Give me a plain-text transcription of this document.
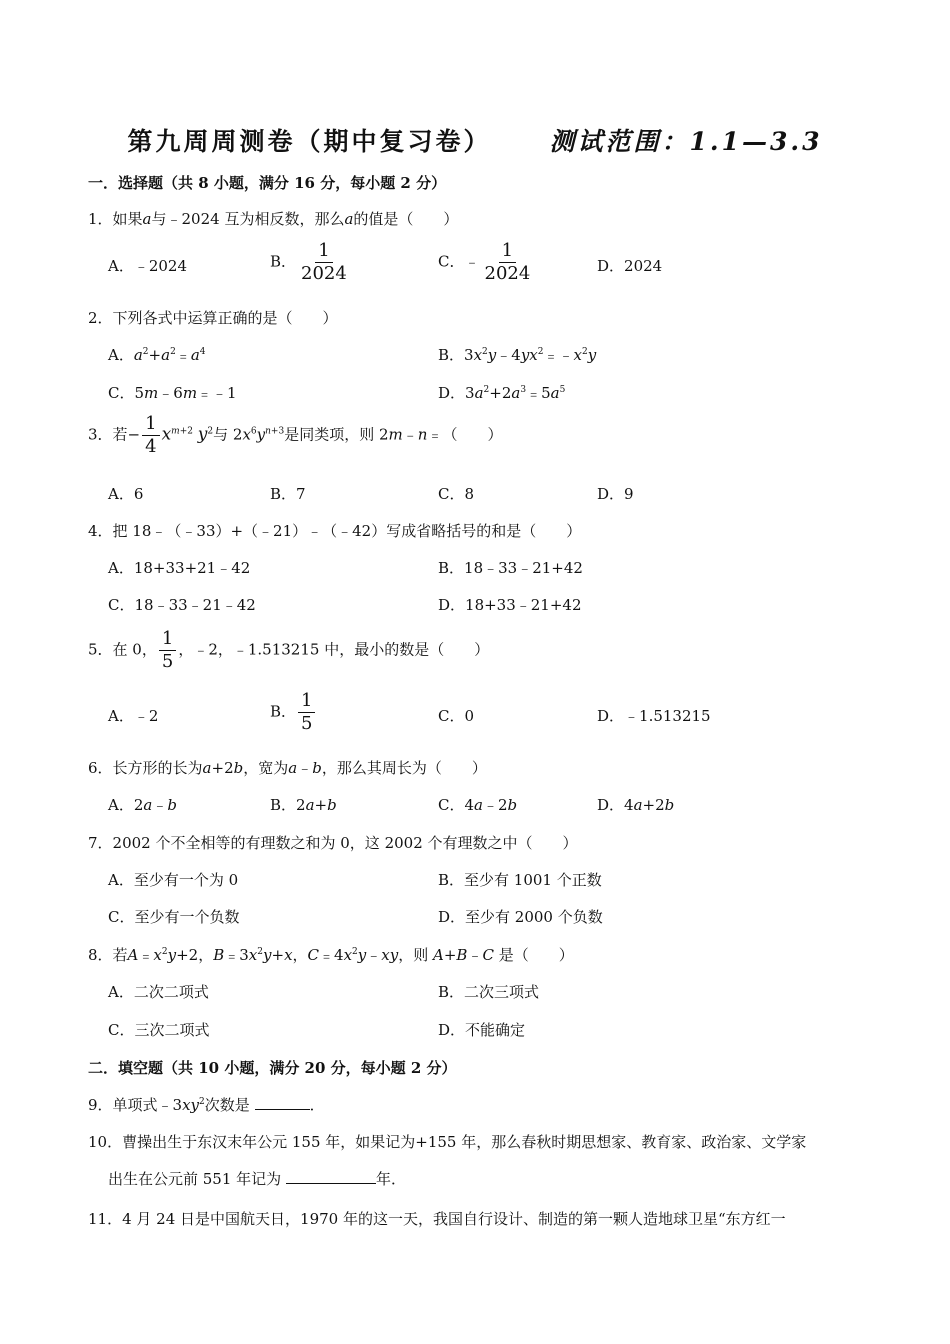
第九周周测卷（期中复习卷） 测试范围：1.1—3.3
一．选择题（共 8 小题，满分 16 分，每小题 2 分）
1．如果a与﹣2024 互为相反数，那么a的值是（　　）
A．﹣2024	B． $\frac{1}{2024}$	C．﹣ $\frac{1}{2024}$	D．2024
2．下列各式中运算正确的是（　　）
A．$a^2+a^2﹦a^4$	B．$3x^2y﹣4yx^2﹦﹣x^2y$
C．5m﹣6m﹦﹣1	D．$3a^2+2a^3﹦5a^5$
3．若− $\frac{1}{4} x^{m+2}$ $y^2$与 $2x^6y^{n+3}$是同类项，则 2m﹣n﹦（　　）
A．6	B．7	C．8	D．9
4．把 18﹣（﹣33）+（﹣21）﹣（﹣42）写成省略括号的和是（　　）
A．18+33+21﹣42	B．18﹣33﹣21+42
C．18﹣33﹣21﹣42	D．18+33﹣21+42
5．在 0， $\frac{1}{5}$ ，﹣2，﹣1.513215 中，最小的数是（　　）
A．﹣2	B． $\frac{1}{5}$	C．0	D．﹣1.513215
6．长方形的长为a+2b，宽为a﹣b，那么其周长为（　　）
A．2a﹣b	B．2a+b	C．4a﹣2b	D．4a+2b
7．2002 个不全相等的有理数之和为 0，这 2002 个有理数之中（　　）
A．至少有一个为 0	B．至少有 1001 个正数
C．至少有一个负数	D．至少有 2000 个负数
8．若$A﹦x^2y+2$，$B﹦3x^2y+x$，$C﹦4x^2y﹣xy$，则 A+B﹣C 是（　　）
A．二次二项式	B．二次三项式
C．三次二项式	D．不能确定
二．填空题（共 10 小题，满分 20 分，每小题 2 分）
9．单项式$﹣3xy^2$次数是	．
10．曹操出生于东汉末年公元 155 年，如果记为+155 年，那么春秋时期思想家、教育家、政治家、文学家
出生在公元前 551 年记为	年．
11．4 月 24 日是中国航天日，1970 年的这一天，我国自行设计、制造的第一颗人造地球卫星“东方红一
